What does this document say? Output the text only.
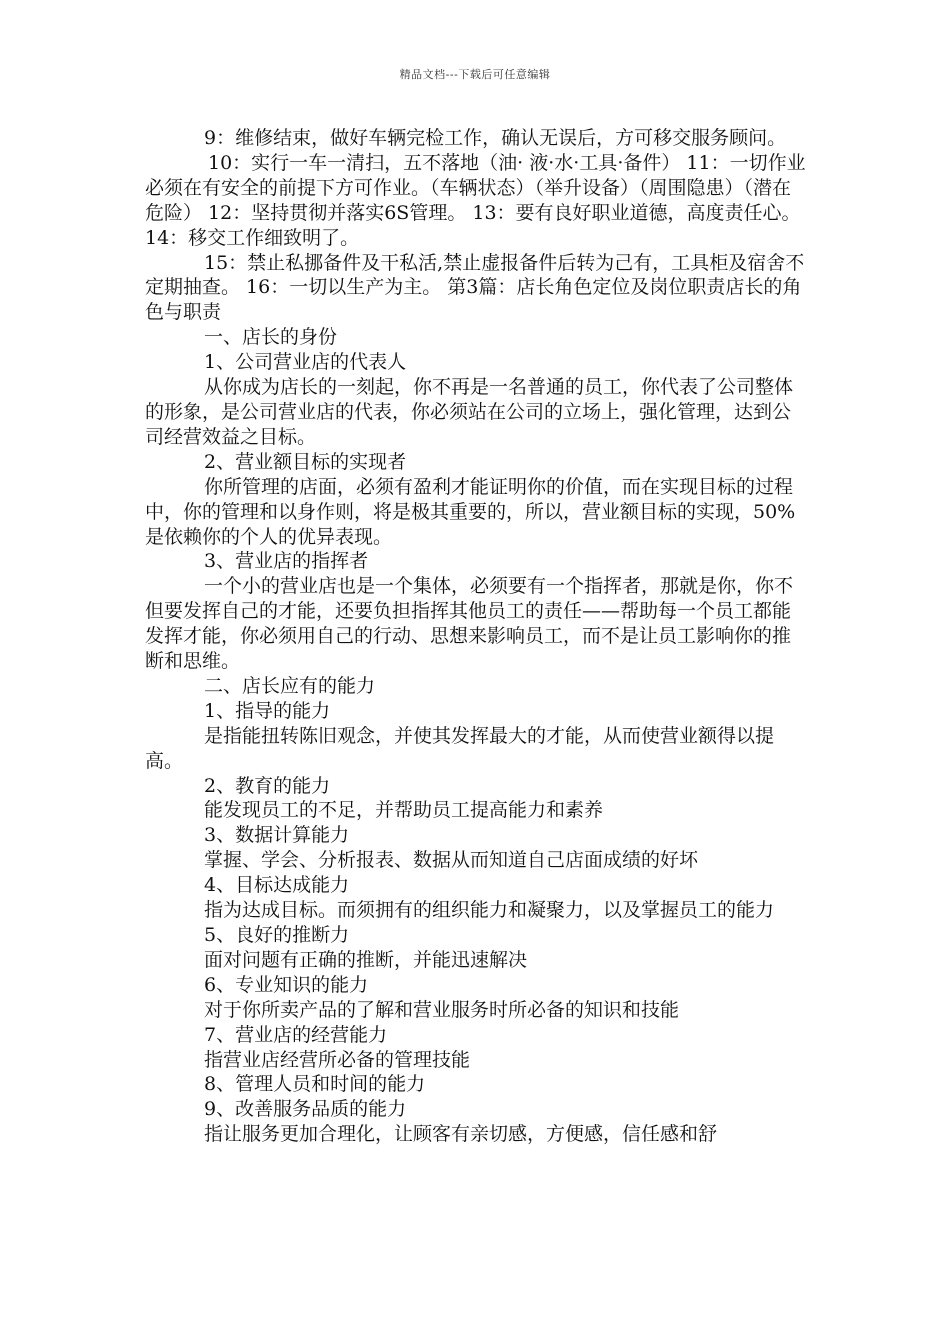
精品文档---下载后可任意编辑

9：维修结束，做好车辆完检工作，确认无误后，方可移交服务顾问。

10：实行一车一清扫，五不落地（油· 液·水·工具·备件） 11：一切作业必须在有安全的前提下方可作业。（车辆状态）（举升设备）（周围隐患）（潜在危险） 12：坚持贯彻并落实6S管理。 13：要有良好职业道德，高度责任心。 14：移交工作细致明了。

15：禁止私挪备件及干私活,禁止虚报备件后转为己有，工具柜及宿舍不定期抽查。 16：一切以生产为主。 第3篇：店长角色定位及岗位职责店长的角色与职责

一、店长的身份

1、公司营业店的代表人

从你成为店长的一刻起，你不再是一名普通的员工，你代表了公司整体的形象，是公司营业店的代表，你必须站在公司的立场上，强化管理，达到公司经营效益之目标。

2、营业额目标的实现者

你所管理的店面，必须有盈利才能证明你的价值，而在实现目标的过程中，你的管理和以身作则，将是极其重要的，所以，营业额目标的实现，50%是依赖你的个人的优异表现。

3、营业店的指挥者

一个小的营业店也是一个集体，必须要有一个指挥者，那就是你，你不但要发挥自己的才能，还要负担指挥其他员工的责任——帮助每一个员工都能发挥才能，你必须用自己的行动、思想来影响员工，而不是让员工影响你的推断和思维。

二、店长应有的能力

1、指导的能力

是指能扭转陈旧观念，并使其发挥最大的才能，从而使营业额得以提高。

2、教育的能力

能发现员工的不足，并帮助员工提高能力和素养

3、数据计算能力

掌握、学会、分析报表、数据从而知道自己店面成绩的好坏

4、目标达成能力

指为达成目标。而须拥有的组织能力和凝聚力，以及掌握员工的能力

5、良好的推断力

面对问题有正确的推断，并能迅速解决

6、专业知识的能力

对于你所卖产品的了解和营业服务时所必备的知识和技能

7、营业店的经营能力

指营业店经营所必备的管理技能

8、管理人员和时间的能力

9、改善服务品质的能力

指让服务更加合理化，让顾客有亲切感，方便感，信任感和舒
